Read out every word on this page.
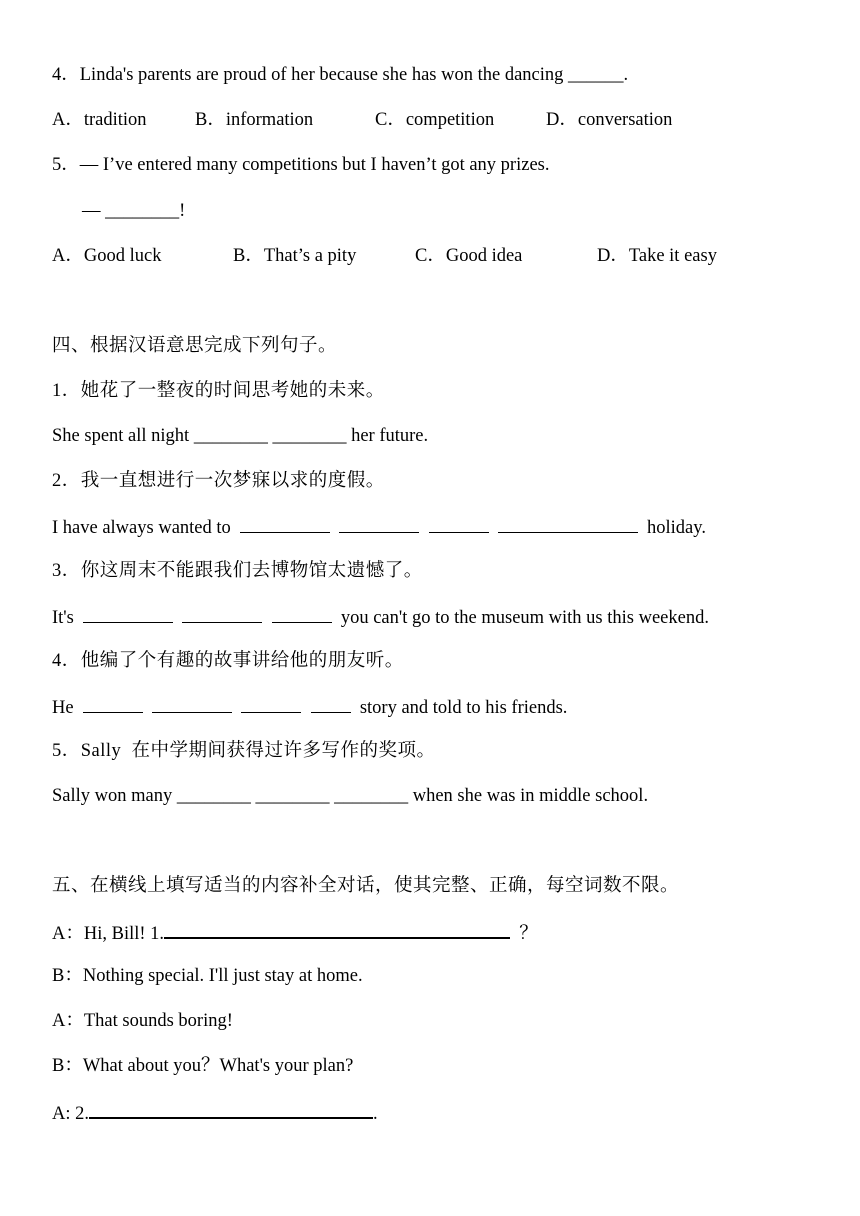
4．Linda's parents are proud of her because she has won the dancing ______.
A．tradition	B．information	C．competition	D．conversation
5．— I’ve entered many competitions but I haven’t got any prizes.
— ________!
A．Good luck	B．That’s a pity	C．Good idea	D．Take it easy
四、根据汉语意思完成下列句子。
1．她花了一整夜的时间思考她的未来。
She spent all night ________ ________ her future.
2．我一直想进行一次梦寐以求的度假。
I have always wanted to	holiday.
3．你这周末不能跟我们去博物馆太遗憾了。
It's	you can't go to the museum with us this weekend.
4．他编了个有趣的故事讲给他的朋友听。
He	story and told to his friends.
5．Sally  在中学期间获得过许多写作的奖项。
Sally won many ________ ________ ________ when she was in middle school.
五、在横线上填写适当的内容补全对话，使其完整、正确，每空词数不限。
A：Hi, Bill! 1.	？
B：Nothing special. I'll just stay at home.
A：That sounds boring!
B：What about you？What's your plan?
A: 2.	.
